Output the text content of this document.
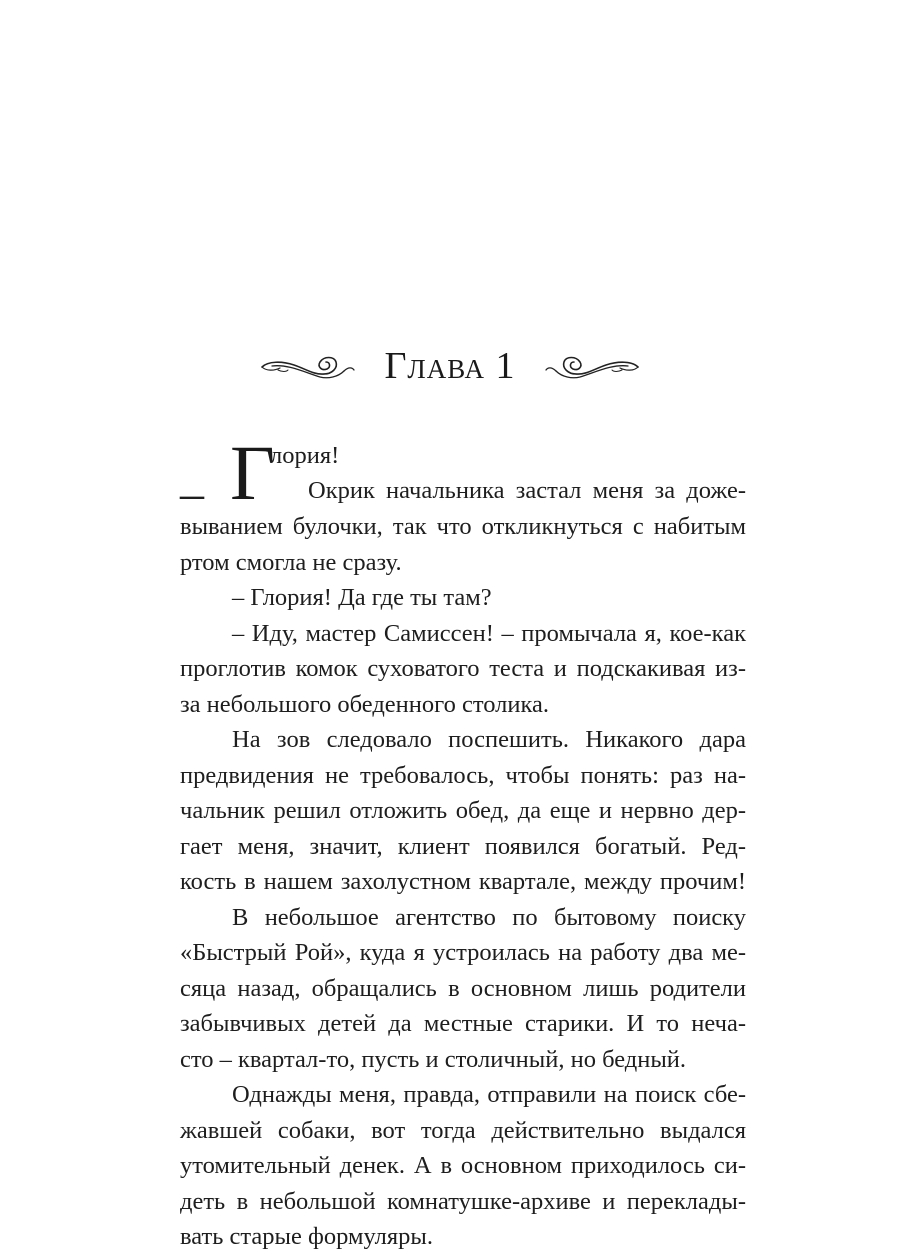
Глава 1
– Г
лория!
Окрик начальника застал меня за доже-
выванием булочки, так что откликнуться с набитым
ртом смогла не сразу.
– Глория! Да где ты там?
– Иду, мастер Самиссен! – промычала я, кое-как
проглотив комок суховатого теста и подскакивая из-
за небольшого обеденного столика.
На зов следовало поспешить. Никакого дара
предвидения не требовалось, чтобы понять: раз на-
чальник решил отложить обед, да еще и нервно дер-
гает меня, значит, клиент появился богатый. Ред-
кость в нашем захолустном квартале, между прочим!
В небольшое агентство по бытовому поиску
«Быстрый Рой», куда я устроилась на работу два ме-
сяца назад, обращались в основном лишь родители
забывчивых детей да местные старики. И то неча-
сто – квартал-то, пусть и столичный, но бедный.
Однажды меня, правда, отправили на поиск сбе-
жавшей собаки, вот тогда действительно выдался
утомительный денек. А в основном приходилось си-
деть в небольшой комнатушке-архиве и переклады-
вать старые формуляры.
